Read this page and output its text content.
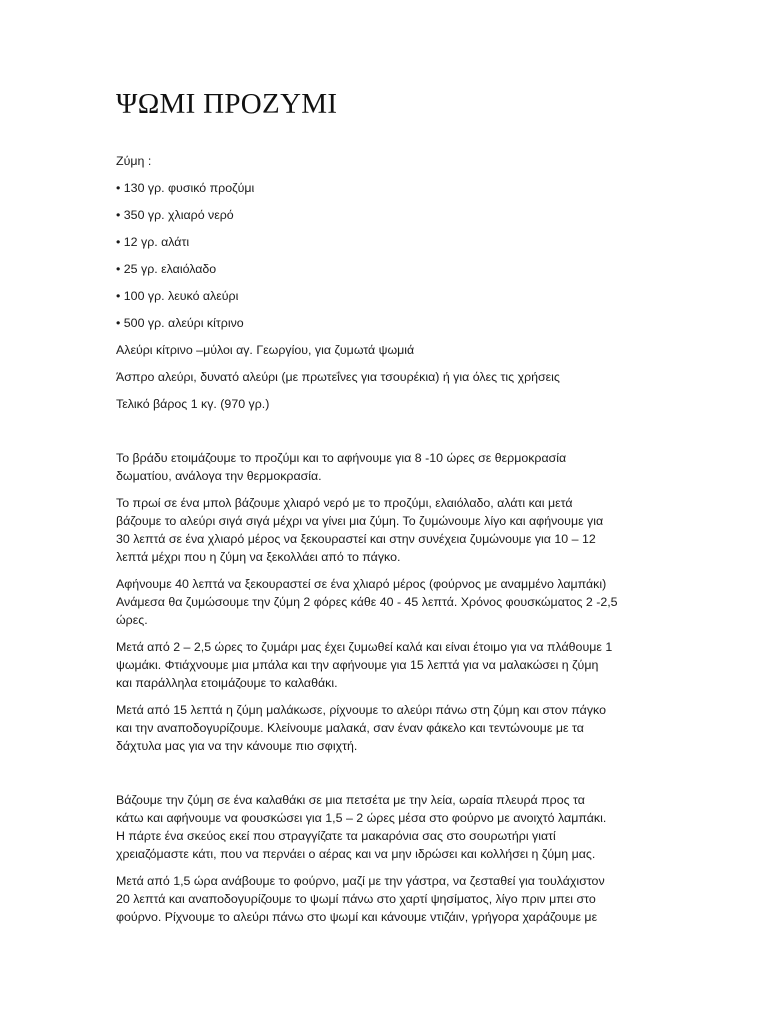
ΨΩΜΙ ΠΡΟΖΥΜΙ

Ζύμη :

• 130 γρ. φυσικό προζύμι

• 350 γρ. χλιαρό νερό

• 12 γρ. αλάτι

• 25 γρ. ελαιόλαδο

• 100 γρ. λευκό αλεύρι

• 500 γρ. αλεύρι κίτρινο

Αλεύρι κίτρινο –μύλοι αγ. Γεωργίου, για ζυμωτά ψωμιά

Άσπρο αλεύρι, δυνατό αλεύρι (με πρωτεΐνες για τσουρέκια) ή για όλες τις χρήσεις

Τελικό βάρος 1 κγ. (970 γρ.)

Το βράδυ ετοιμάζουμε το προζύμι και το αφήνουμε για 8 -10 ώρες σε θερμοκρασία
δωματίου, ανάλογα την θερμοκρασία.
Το πρωί σε ένα μπολ βάζουμε χλιαρό νερό με το προζύμι, ελαιόλαδο, αλάτι και μετά
βάζουμε το αλεύρι σιγά σιγά μέχρι να γίνει μια ζύμη. Το ζυμώνουμε λίγο και αφήνουμε για
30 λεπτά σε ένα χλιαρό μέρος να ξεκουραστεί και στην συνέχεια ζυμώνουμε για 10 – 12
λεπτά μέχρι που η ζύμη να ξεκολλάει από το πάγκο.
Αφήνουμε 40 λεπτά να ξεκουραστεί σε ένα χλιαρό μέρος (φούρνος με αναμμένο λαμπάκι)
Ανάμεσα θα ζυμώσουμε την ζύμη 2 φόρες κάθε 40 - 45 λεπτά. Χρόνος φουσκώματος 2 -2,5
ώρες.
Μετά από 2 – 2,5 ώρες το ζυμάρι μας έχει ζυμωθεί καλά και είναι έτοιμο για να πλάθουμε 1
ψωμάκι. Φτιάχνουμε μια μπάλα και την αφήνουμε για 15 λεπτά για να μαλακώσει η ζύμη
και παράλληλα ετοιμάζουμε το καλαθάκι.
Μετά από 15 λεπτά η ζύμη μαλάκωσε, ρίχνουμε το αλεύρι πάνω στη ζύμη και στον πάγκο
και την αναποδογυρίζουμε. Κλείνουμε μαλακά, σαν έναν φάκελο και τεντώνουμε με τα
δάχτυλα μας για να την κάνουμε πιο σφιχτή.
Βάζουμε την ζύμη σε ένα καλαθάκι σε μια πετσέτα με την λεία, ωραία πλευρά προς τα
κάτω και αφήνουμε να φουσκώσει για 1,5 – 2 ώρες μέσα στο φούρνο με ανοιχτό λαμπάκι.
Η πάρτε ένα σκεύος εκεί που στραγγίζατε τα μακαρόνια σας στο σουρωτήρι γιατί
χρειαζόμαστε κάτι, που να περνάει ο αέρας και να μην ιδρώσει και κολλήσει η ζύμη μας.
Μετά από 1,5 ώρα ανάβουμε το φούρνο, μαζί με την γάστρα, να ζεσταθεί για τουλάχιστον
20 λεπτά και αναποδογυρίζουμε το ψωμί πάνω στο χαρτί ψησίματος, λίγο πριν μπει στο
φούρνο. Ρίχνουμε το αλεύρι πάνω στο ψωμί και κάνουμε ντιζάιν, γρήγορα χαράζουμε με
